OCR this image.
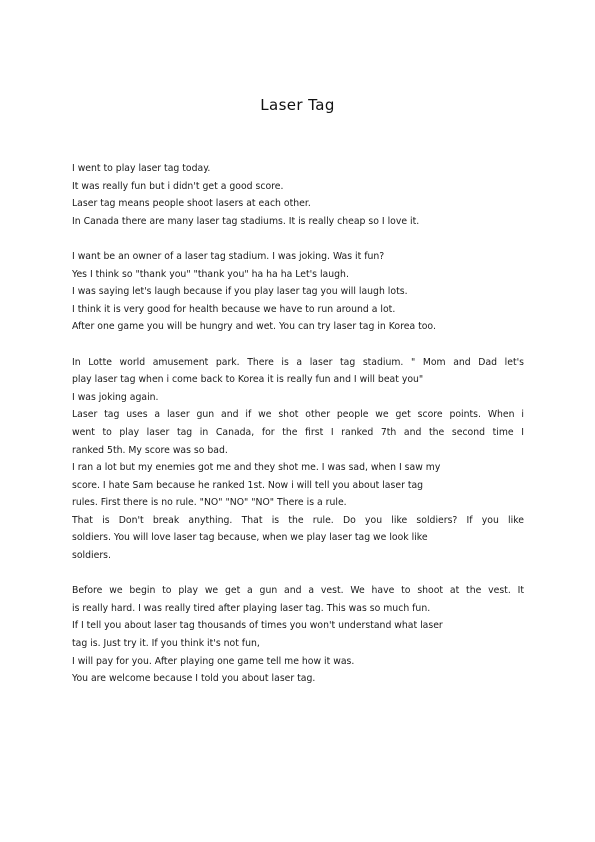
Laser Tag
I went to play laser tag today.
It was really fun but i didn't get a good score.
Laser tag means people shoot lasers at each other.
In Canada there are many laser tag stadiums. It is really cheap so I love it.
I want be an owner of a laser tag stadium. I was joking. Was it fun?
Yes I think so "thank you" "thank you" ha ha ha Let's laugh.
I was saying let's laugh because if you play laser tag you will laugh lots.
I think it is very good for health because we have to run around a lot.
After one game you will be hungry and wet. You can try laser tag in Korea too.
In Lotte world amusement park. There is a laser tag stadium. " Mom and Dad let's
play laser tag when i come back to Korea it is really fun and I will beat you"
I was joking again.
Laser tag uses a laser gun and if we shot other people we get score points. When i
went to play laser tag in Canada, for the first I ranked 7th and the second time I
ranked 5th. My score was so bad.
I ran a lot but my enemies got me and they shot me. I was sad, when I saw my
score. I hate Sam because he ranked 1st. Now i will tell you about laser tag
rules. First there is no rule. "NO" "NO" "NO" There is a rule.
That is Don't break anything. That is the rule. Do you like soldiers? If you like
soldiers. You will love laser tag because, when we play laser tag we look like
soldiers.
Before we begin to play we get a gun and a vest. We have to shoot at the vest. It
is really hard. I was really tired after playing laser tag. This was so much fun.
If I tell you about laser tag thousands of times you won't understand what laser
tag is. Just try it. If you think it's not fun,
I will pay for you. After playing one game tell me how it was.
You are welcome because I told you about laser tag.
